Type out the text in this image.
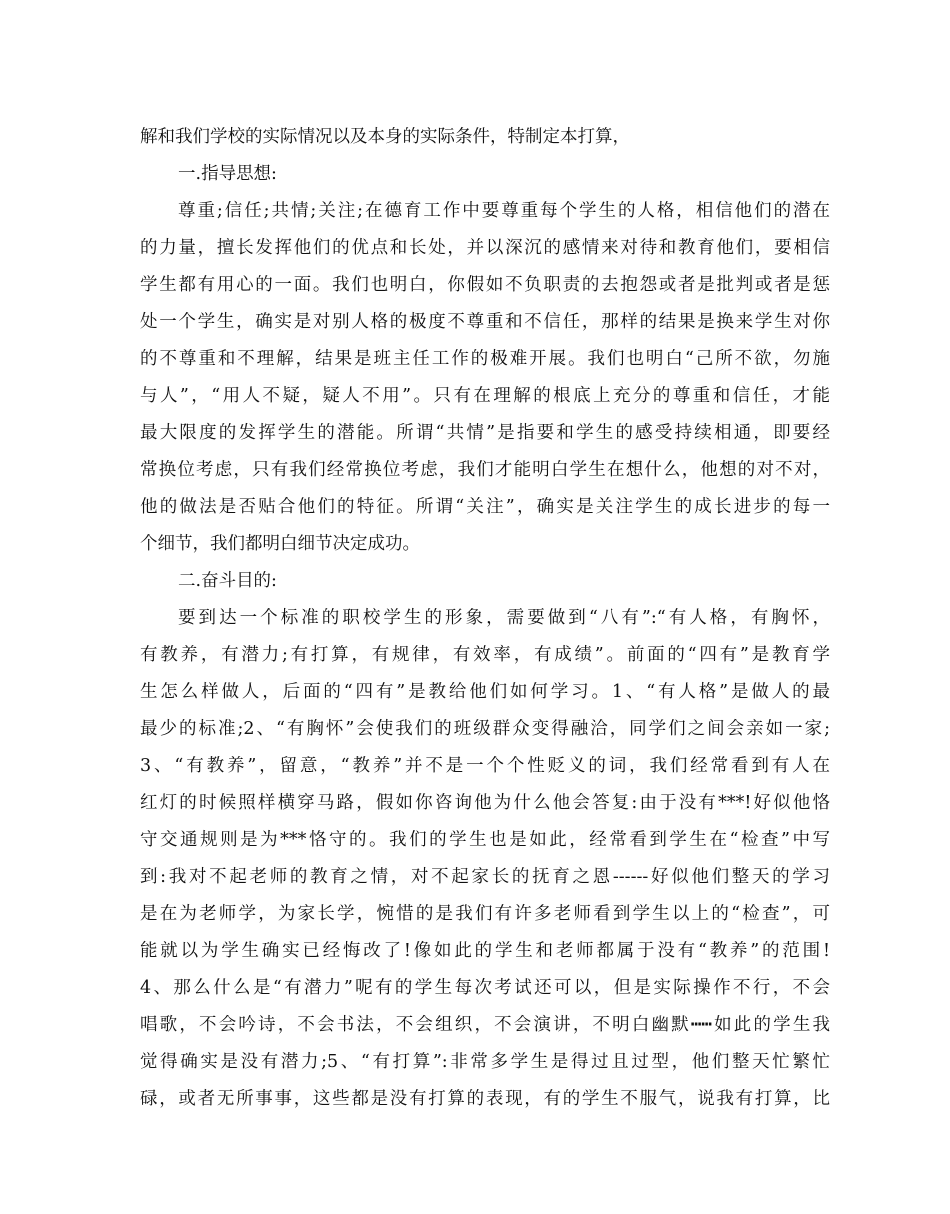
解和我们学校的实际情况以及本身的实际条件，特制定本打算，
一.指导思想:
尊重;信任;共情;关注;在德育工作中要尊重每个学生的人格，相信他们的潜在
的力量，擅长发挥他们的优点和长处，并以深沉的感情来对待和教育他们，要相信
学生都有用心的一面。我们也明白，你假如不负职责的去抱怨或者是批判或者是惩
处一个学生，确实是对别人格的极度不尊重和不信任，那样的结果是换来学生对你
的不尊重和不理解，结果是班主任工作的极难开展。我们也明白“己所不欲，勿施
与人”，“用人不疑，疑人不用”。只有在理解的根底上充分的尊重和信任，才能
最大限度的发挥学生的潜能。所谓“共情”是指要和学生的感受持续相通，即要经
常换位考虑，只有我们经常换位考虑，我们才能明白学生在想什么，他想的对不对，
他的做法是否贴合他们的特征。所谓“关注”，确实是关注学生的成长进步的每一
个细节，我们都明白细节决定成功。
二.奋斗目的:
要到达一个标准的职校学生的形象，需要做到“八有”:“有人格，有胸怀，
有教养，有潜力;有打算，有规律，有效率，有成绩”。前面的“四有”是教育学
生怎么样做人，后面的“四有”是教给他们如何学习。1、“有人格”是做人的最
最少的标准;2、“有胸怀”会使我们的班级群众变得融洽，同学们之间会亲如一家;
3、“有教养”，留意，“教养”并不是一个个性贬义的词，我们经常看到有人在
红灯的时候照样横穿马路，假如你咨询他为什么他会答复:由于没有***!好似他恪
守交通规则是为***恪守的。我们的学生也是如此，经常看到学生在“检查”中写
到:我对不起老师的教育之情，对不起家长的抚育之恩------好似他们整天的学习
是在为老师学，为家长学，惋惜的是我们有许多老师看到学生以上的“检查”，可
能就以为学生确实已经悔改了!像如此的学生和老师都属于没有“教养”的范围!
4、那么什么是“有潜力”呢有的学生每次考试还可以，但是实际操作不行，不会
唱歌，不会吟诗，不会书法，不会组织，不会演讲，不明白幽默┅┅如此的学生我
觉得确实是没有潜力;5、“有打算”:非常多学生是得过且过型，他们整天忙繁忙
碌，或者无所事事，这些都是没有打算的表现，有的学生不服气，说我有打算，比
